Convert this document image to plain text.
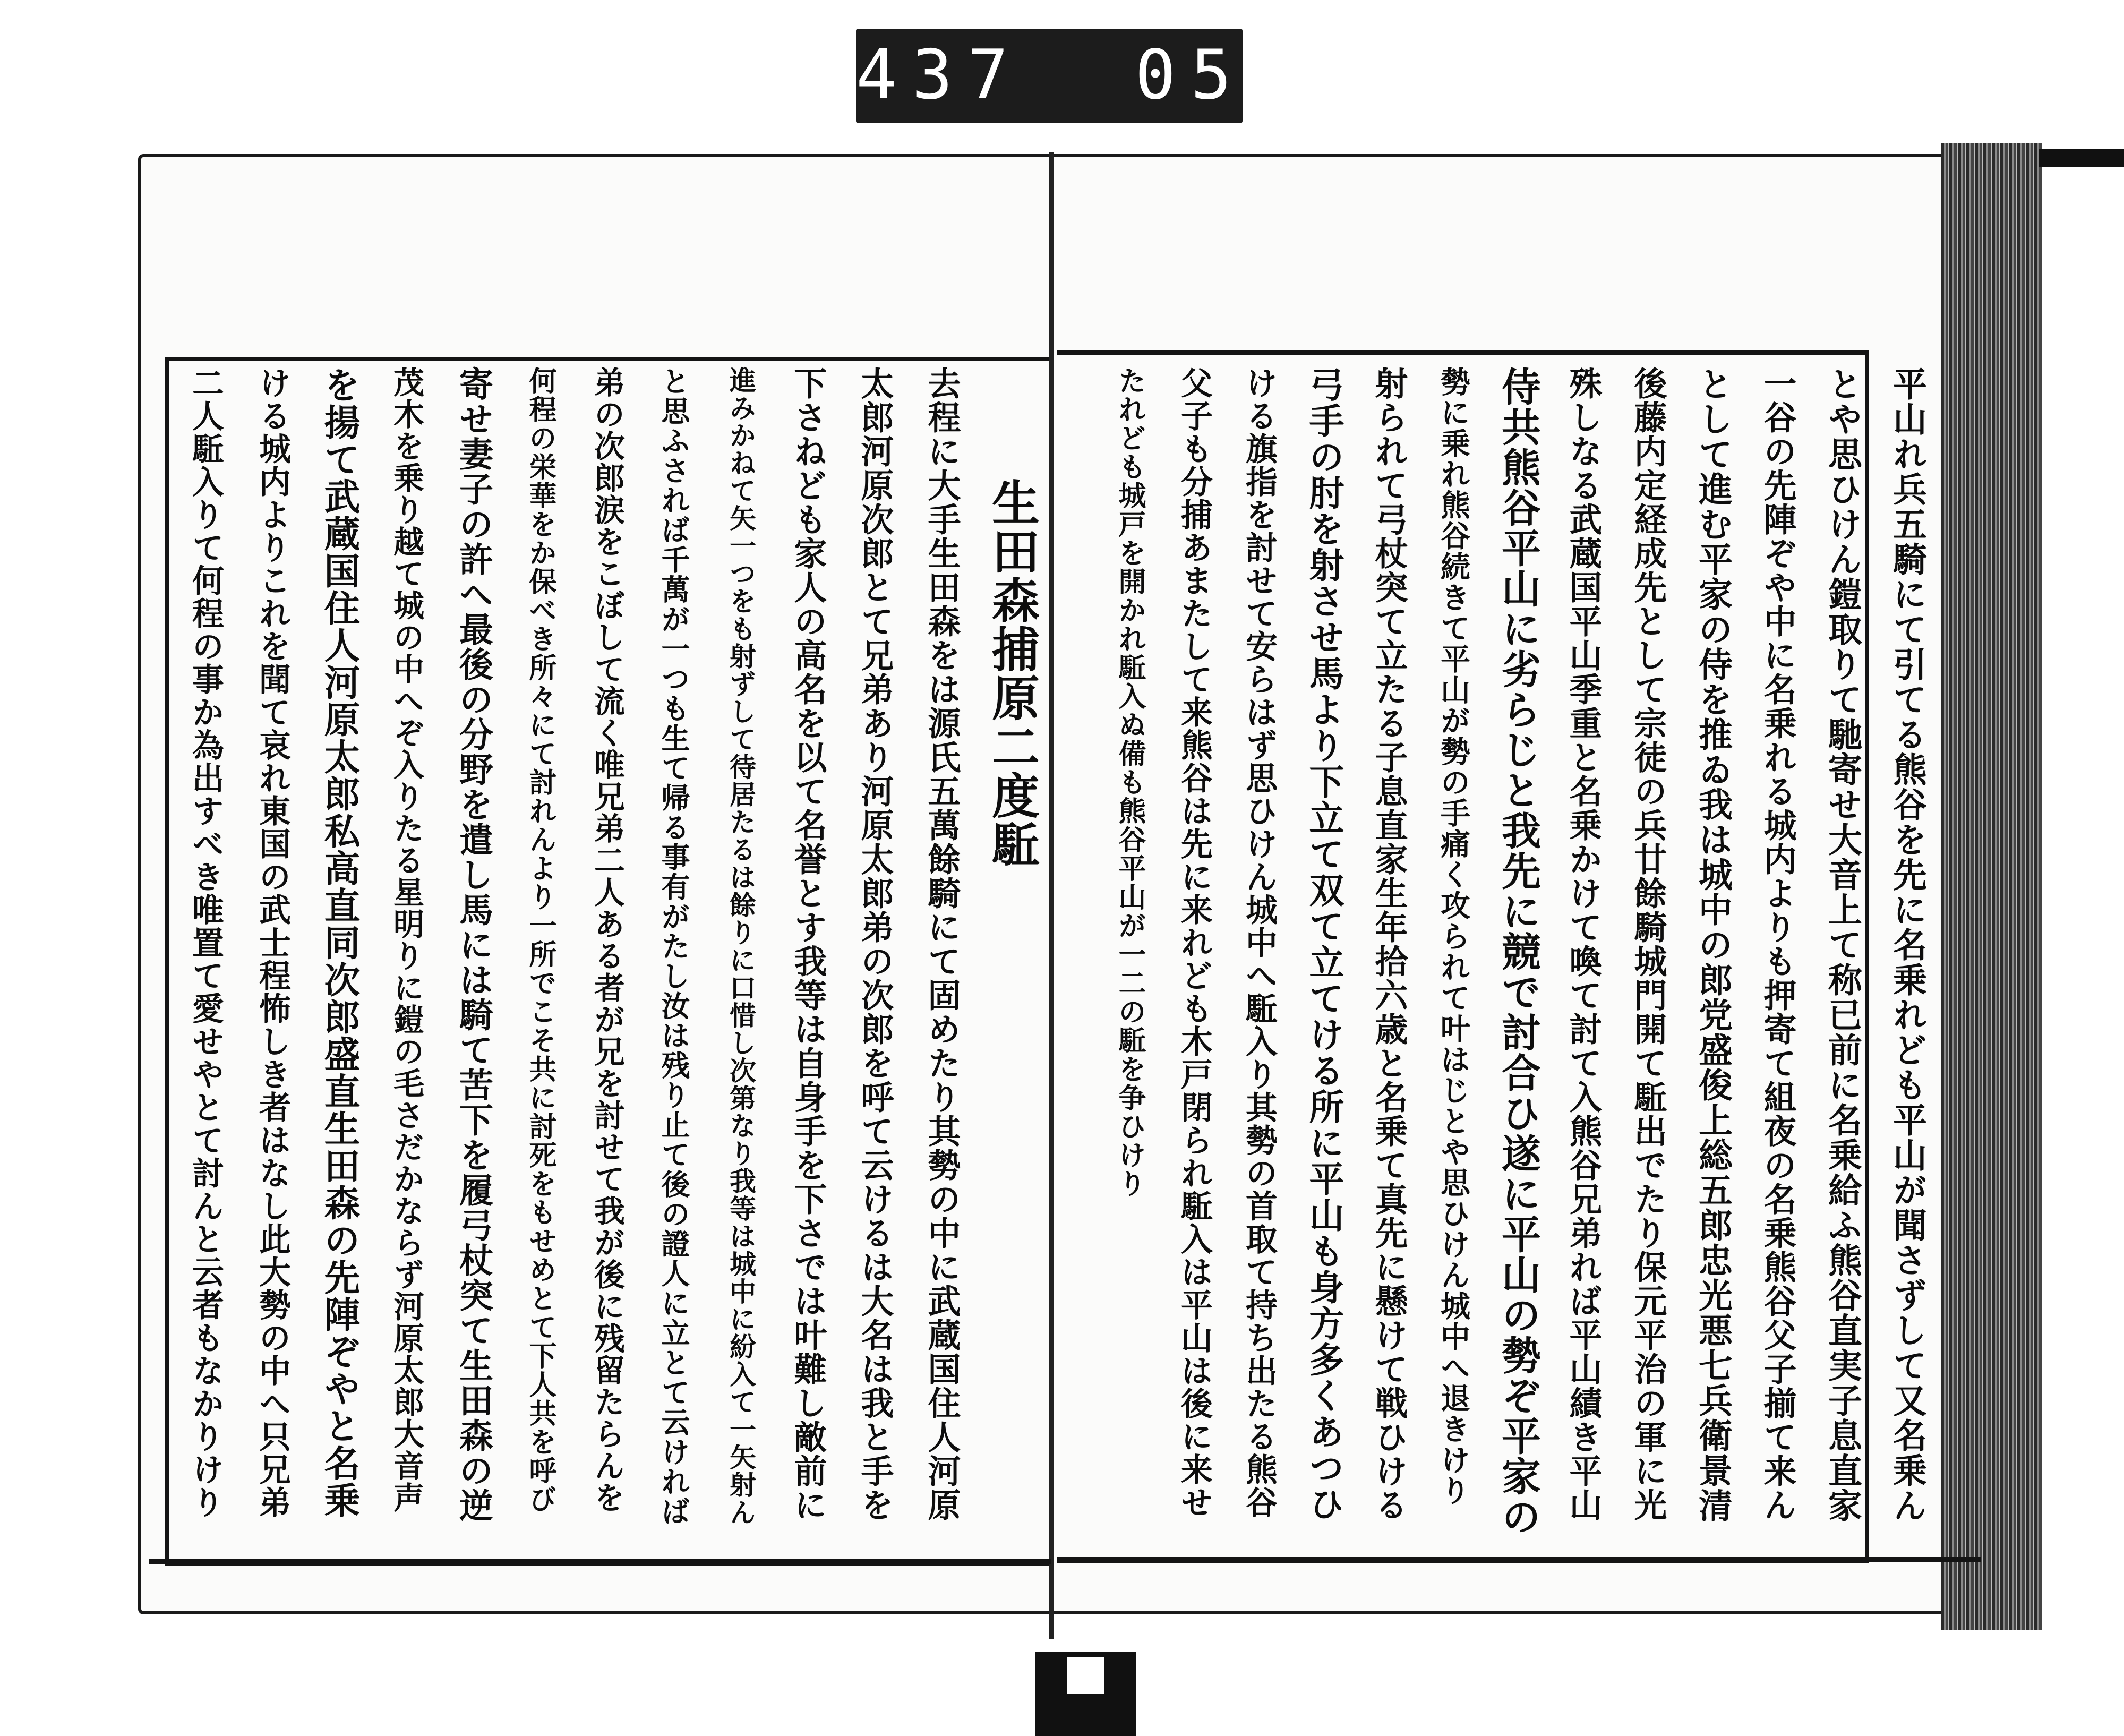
437  057.
平山れ兵五騎にて引てる熊谷を先に名乗れども平山が聞さずして又名乗ん
とや思ひけん鎧取りて馳寄せ大音上て称已前に名乗給ふ熊谷直実子息直家
一谷の先陣ぞや中に名乗れる城内よりも押寄て組夜の名乗熊谷父子揃て来ん
として進む平家の侍を推ゐ我は城中の郎党盛俊上総五郎忠光悪七兵衛景清
後藤内定経成先として宗徒の兵廿餘騎城門開て駈出でたり保元平治の軍に光
殊しなる武蔵国平山季重と名乗かけて喚て討て入熊谷兄弟れば平山績き平山
侍共熊谷平山に劣らじと我先に競で討合ひ遂に平山の勢ぞ平家の
勢に乗れ熊谷続きて平山が勢の手痛く攻られて叶はじとや思ひけん城中へ退きけり
射られて弓杖突て立たる子息直家生年拾六歳と名乗て真先に懸けて戦ひける
弓手の肘を射させ馬より下立て双て立てける所に平山も身方多くあつひ
ける旗指を討せて安らはず思ひけん城中へ駈入り其勢の首取て持ち出たる熊谷
父子も分捕あまたして来熊谷は先に来れども木戸閉られ駈入は平山は後に来せ
たれども城戸を開かれ駈入ぬ備も熊谷平山が一二の駈を争ひけり
生田森捕原二度駈
去程に大手生田森をは源氏五萬餘騎にて固めたり其勢の中に武蔵国住人河原
太郎河原次郎とて兄弟あり河原太郎弟の次郎を呼て云けるは大名は我と手を
下さねども家人の高名を以て名誉とす我等は自身手を下さでは叶難し敵前に
進みかねて矢一つをも射ずして待居たるは餘りに口惜し次第なり我等は城中に紛入て一矢射ん
と思ふされば千萬が一つも生て帰る事有がたし汝は残り止て後の證人に立とて云ければ
弟の次郎涙をこぼして流く唯兄弟二人ある者が兄を討せて我が後に残留たらんを
何程の栄華をか保べき所々にて討れんより一所でこそ共に討死をもせめとて下人共を呼び
寄せ妻子の許へ最後の分野を遣し馬には騎て苦下を履弓杖突て生田森の逆
茂木を乗り越て城の中へぞ入りたる星明りに鎧の毛さだかならず河原太郎大音声
を揚て武蔵国住人河原太郎私高直同次郎盛直生田森の先陣ぞやと名乗
ける城内よりこれを聞て哀れ東国の武士程怖しき者はなし此大勢の中へ只兄弟
二人駈入りて何程の事か為出すべき唯置て愛せやとて討んと云者もなかりけり
